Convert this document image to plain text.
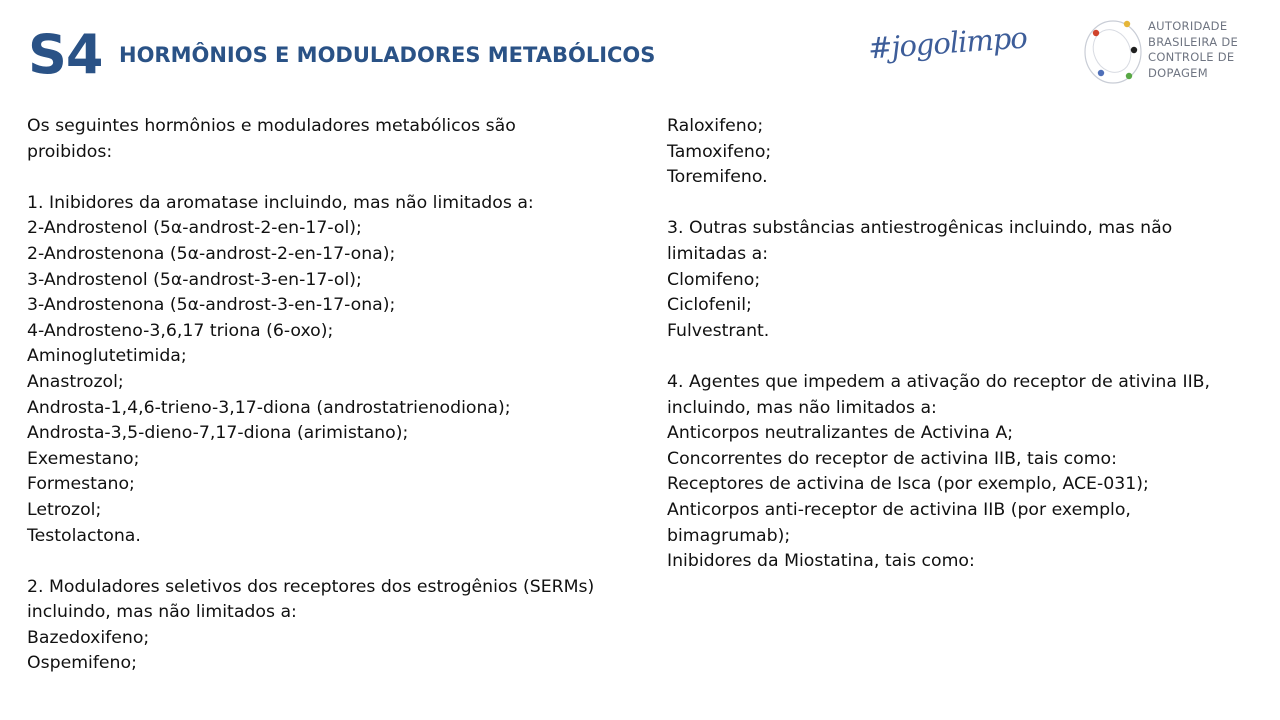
S4 HORMÔNIOS E MODULADORES METABÓLICOS	#jogolimpo	AUTORIDADE
BRASILEIRA DE
CONTROLE DE
DOPAGEM
Os seguintes hormônios e moduladores metabólicos são
proibidos:
1. Inibidores da aromatase incluindo, mas não limitados a:
2-Androstenol (5α-androst-2-en-17-ol);
2-Androstenona (5α-androst-2-en-17-ona);
3-Androstenol (5α-androst-3-en-17-ol);
3-Androstenona (5α-androst-3-en-17-ona);
4-Androsteno-3,6,17 triona (6-oxo);
Aminoglutetimida;
Anastrozol;
Androsta-1,4,6-trieno-3,17-diona (androstatrienodiona);
Androsta-3,5-dieno-7,17-diona (arimistano);
Exemestano;
Formestano;
Letrozol;
Testolactona.
2. Moduladores seletivos dos receptores dos estrogênios (SERMs)
incluindo, mas não limitados a:
Bazedoxifeno;
Ospemifeno;
Raloxifeno;
Tamoxifeno;
Toremifeno.
3. Outras substâncias antiestrogênicas incluindo, mas não
limitadas a:
Clomifeno;
Ciclofenil;
Fulvestrant.
4. Agentes que impedem a ativação do receptor de ativina IIB,
incluindo, mas não limitados a:
Anticorpos neutralizantes de Activina A;
Concorrentes do receptor de activina IIB, tais como:
Receptores de activina de Isca (por exemplo, ACE-031);
Anticorpos anti-receptor de activina IIB (por exemplo,
bimagrumab);
Inibidores da Miostatina, tais como:
